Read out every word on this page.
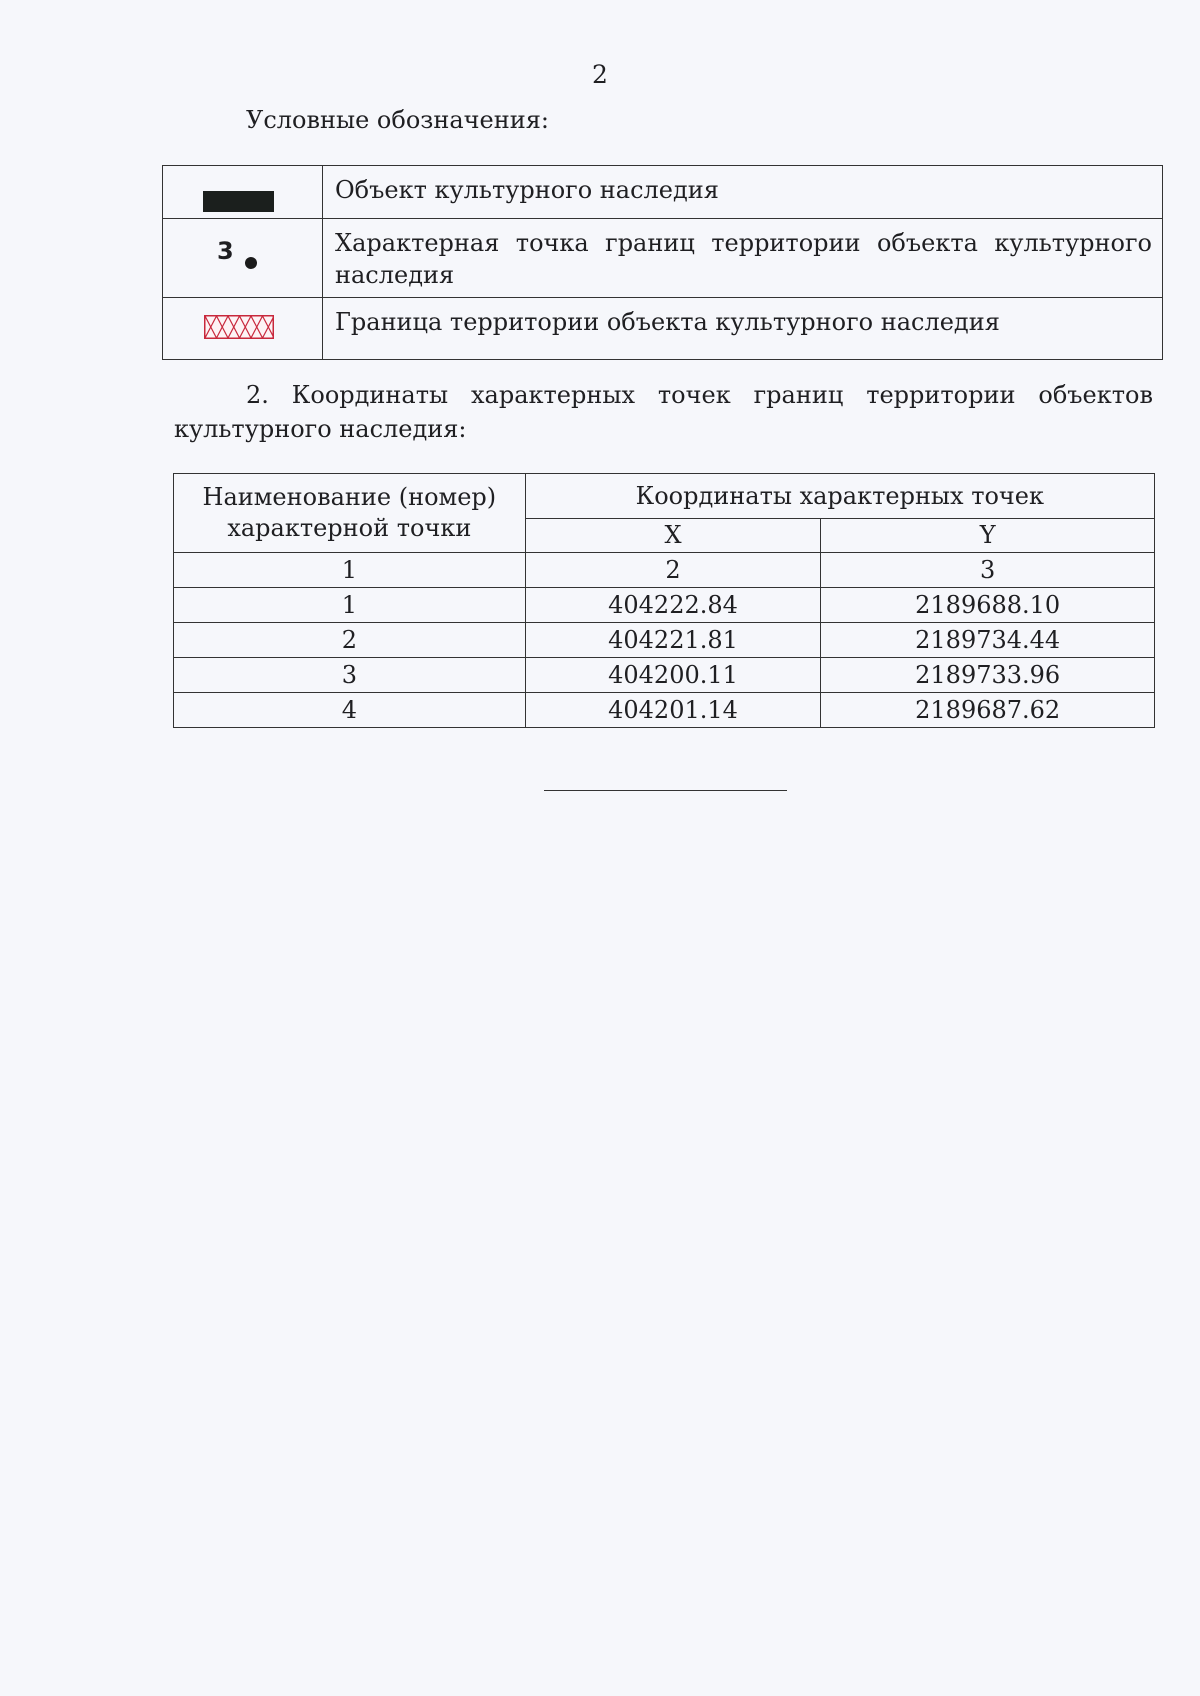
2
Условные обозначения:
	Объект культурного наследия

3	Характерная точка границ территории объекта культурного наследия

	Граница территории объекта культурного наследия
2. Координаты характерных точек границ территории объектов
культурного наследия:
Наименование (номер) характерной точки	Координаты характерных точек	
	X	Y
1	2	3
1	404222.84	2189688.10
2	404221.81	2189734.44
3	404200.11	2189733.96
4	404201.14	2189687.62
